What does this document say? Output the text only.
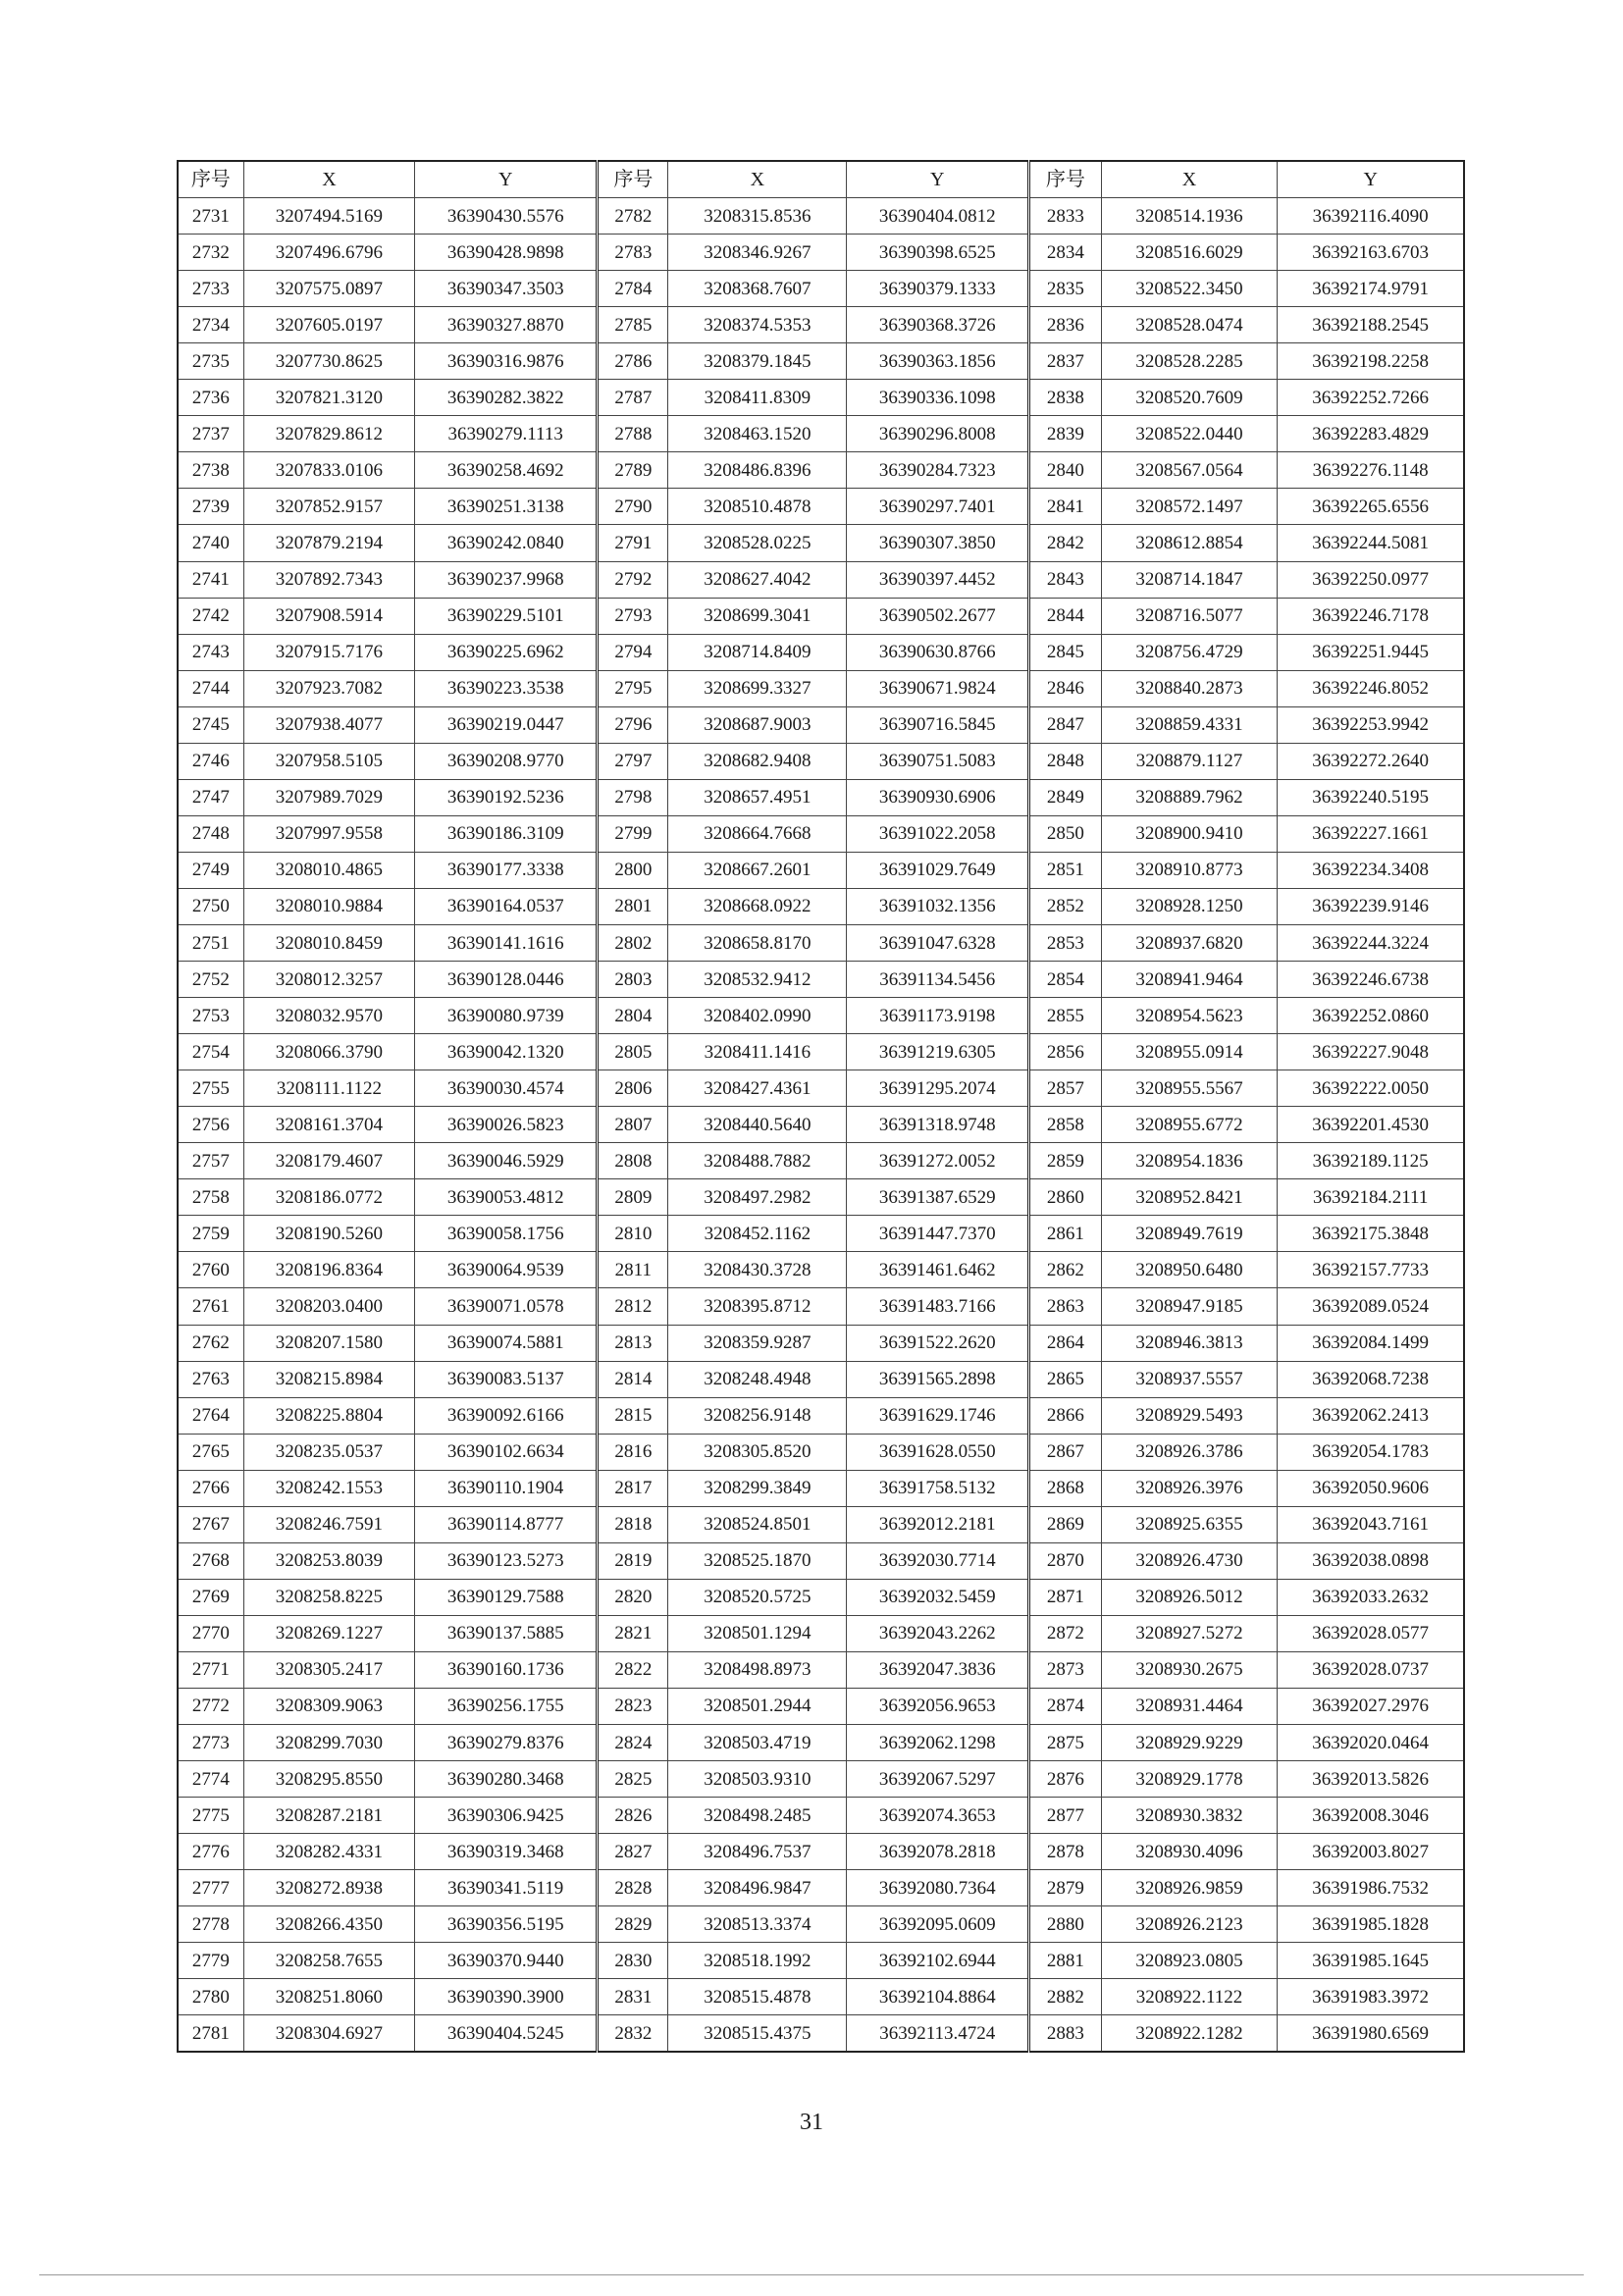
序号	X	Y	序号	X	Y	序号	X	Y
2731	3207494.5169	36390430.5576	2782	3208315.8536	36390404.0812	2833	3208514.1936	36392116.4090
2732	3207496.6796	36390428.9898	2783	3208346.9267	36390398.6525	2834	3208516.6029	36392163.6703
2733	3207575.0897	36390347.3503	2784	3208368.7607	36390379.1333	2835	3208522.3450	36392174.9791
2734	3207605.0197	36390327.8870	2785	3208374.5353	36390368.3726	2836	3208528.0474	36392188.2545
2735	3207730.8625	36390316.9876	2786	3208379.1845	36390363.1856	2837	3208528.2285	36392198.2258
2736	3207821.3120	36390282.3822	2787	3208411.8309	36390336.1098	2838	3208520.7609	36392252.7266
2737	3207829.8612	36390279.1113	2788	3208463.1520	36390296.8008	2839	3208522.0440	36392283.4829
2738	3207833.0106	36390258.4692	2789	3208486.8396	36390284.7323	2840	3208567.0564	36392276.1148
2739	3207852.9157	36390251.3138	2790	3208510.4878	36390297.7401	2841	3208572.1497	36392265.6556
2740	3207879.2194	36390242.0840	2791	3208528.0225	36390307.3850	2842	3208612.8854	36392244.5081
2741	3207892.7343	36390237.9968	2792	3208627.4042	36390397.4452	2843	3208714.1847	36392250.0977
2742	3207908.5914	36390229.5101	2793	3208699.3041	36390502.2677	2844	3208716.5077	36392246.7178
2743	3207915.7176	36390225.6962	2794	3208714.8409	36390630.8766	2845	3208756.4729	36392251.9445
2744	3207923.7082	36390223.3538	2795	3208699.3327	36390671.9824	2846	3208840.2873	36392246.8052
2745	3207938.4077	36390219.0447	2796	3208687.9003	36390716.5845	2847	3208859.4331	36392253.9942
2746	3207958.5105	36390208.9770	2797	3208682.9408	36390751.5083	2848	3208879.1127	36392272.2640
2747	3207989.7029	36390192.5236	2798	3208657.4951	36390930.6906	2849	3208889.7962	36392240.5195
2748	3207997.9558	36390186.3109	2799	3208664.7668	36391022.2058	2850	3208900.9410	36392227.1661
2749	3208010.4865	36390177.3338	2800	3208667.2601	36391029.7649	2851	3208910.8773	36392234.3408
2750	3208010.9884	36390164.0537	2801	3208668.0922	36391032.1356	2852	3208928.1250	36392239.9146
2751	3208010.8459	36390141.1616	2802	3208658.8170	36391047.6328	2853	3208937.6820	36392244.3224
2752	3208012.3257	36390128.0446	2803	3208532.9412	36391134.5456	2854	3208941.9464	36392246.6738
2753	3208032.9570	36390080.9739	2804	3208402.0990	36391173.9198	2855	3208954.5623	36392252.0860
2754	3208066.3790	36390042.1320	2805	3208411.1416	36391219.6305	2856	3208955.0914	36392227.9048
2755	3208111.1122	36390030.4574	2806	3208427.4361	36391295.2074	2857	3208955.5567	36392222.0050
2756	3208161.3704	36390026.5823	2807	3208440.5640	36391318.9748	2858	3208955.6772	36392201.4530
2757	3208179.4607	36390046.5929	2808	3208488.7882	36391272.0052	2859	3208954.1836	36392189.1125
2758	3208186.0772	36390053.4812	2809	3208497.2982	36391387.6529	2860	3208952.8421	36392184.2111
2759	3208190.5260	36390058.1756	2810	3208452.1162	36391447.7370	2861	3208949.7619	36392175.3848
2760	3208196.8364	36390064.9539	2811	3208430.3728	36391461.6462	2862	3208950.6480	36392157.7733
2761	3208203.0400	36390071.0578	2812	3208395.8712	36391483.7166	2863	3208947.9185	36392089.0524
2762	3208207.1580	36390074.5881	2813	3208359.9287	36391522.2620	2864	3208946.3813	36392084.1499
2763	3208215.8984	36390083.5137	2814	3208248.4948	36391565.2898	2865	3208937.5557	36392068.7238
2764	3208225.8804	36390092.6166	2815	3208256.9148	36391629.1746	2866	3208929.5493	36392062.2413
2765	3208235.0537	36390102.6634	2816	3208305.8520	36391628.0550	2867	3208926.3786	36392054.1783
2766	3208242.1553	36390110.1904	2817	3208299.3849	36391758.5132	2868	3208926.3976	36392050.9606
2767	3208246.7591	36390114.8777	2818	3208524.8501	36392012.2181	2869	3208925.6355	36392043.7161
2768	3208253.8039	36390123.5273	2819	3208525.1870	36392030.7714	2870	3208926.4730	36392038.0898
2769	3208258.8225	36390129.7588	2820	3208520.5725	36392032.5459	2871	3208926.5012	36392033.2632
2770	3208269.1227	36390137.5885	2821	3208501.1294	36392043.2262	2872	3208927.5272	36392028.0577
2771	3208305.2417	36390160.1736	2822	3208498.8973	36392047.3836	2873	3208930.2675	36392028.0737
2772	3208309.9063	36390256.1755	2823	3208501.2944	36392056.9653	2874	3208931.4464	36392027.2976
2773	3208299.7030	36390279.8376	2824	3208503.4719	36392062.1298	2875	3208929.9229	36392020.0464
2774	3208295.8550	36390280.3468	2825	3208503.9310	36392067.5297	2876	3208929.1778	36392013.5826
2775	3208287.2181	36390306.9425	2826	3208498.2485	36392074.3653	2877	3208930.3832	36392008.3046
2776	3208282.4331	36390319.3468	2827	3208496.7537	36392078.2818	2878	3208930.4096	36392003.8027
2777	3208272.8938	36390341.5119	2828	3208496.9847	36392080.7364	2879	3208926.9859	36391986.7532
2778	3208266.4350	36390356.5195	2829	3208513.3374	36392095.0609	2880	3208926.2123	36391985.1828
2779	3208258.7655	36390370.9440	2830	3208518.1992	36392102.6944	2881	3208923.0805	36391985.1645
2780	3208251.8060	36390390.3900	2831	3208515.4878	36392104.8864	2882	3208922.1122	36391983.3972
2781	3208304.6927	36390404.5245	2832	3208515.4375	36392113.4724	2883	3208922.1282	36391980.6569
31
